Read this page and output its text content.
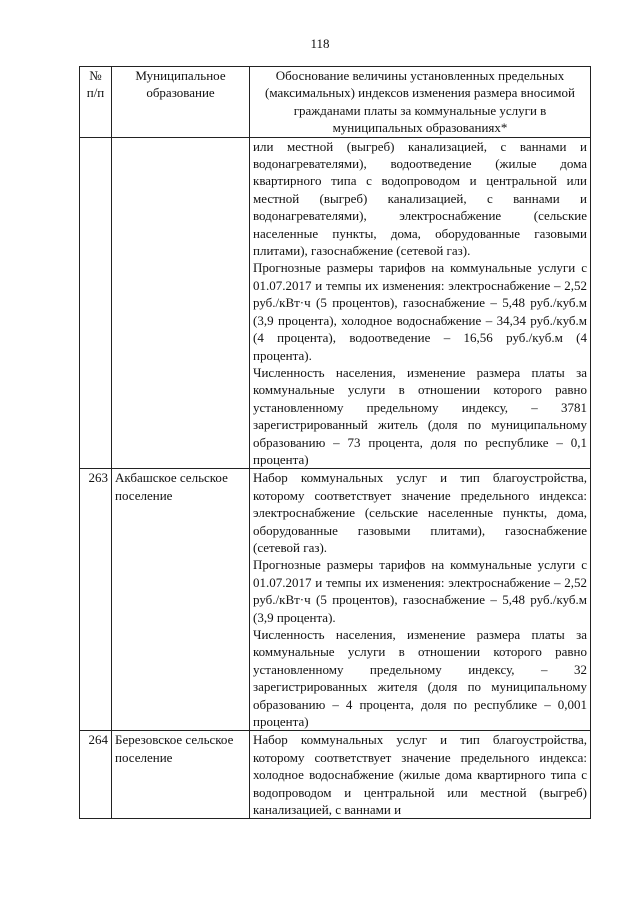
118
№ п/п	Муниципальное образование	Обоснование величины установленных предельных (максимальных) индексов изменения размера вносимой гражданами платы за коммунальные услуги в муниципальных образованиях*

		или местной (выгреб) канализацией, с ваннами и водонагревателями), водоотведение (жилые дома квартирного типа с водопроводом и центральной или местной (выгреб) канализацией, с ваннами и водонагревателями), электроснабжение (сельские населенные пункты, дома, оборудованные газовыми плитами), газоснабжение (сетевой газ).

Прогнозные размеры тарифов на коммунальные услуги с 01.07.2017 и темпы их изменения: электроснабжение – 2,52 руб./кВт·ч (5 процентов), газоснабжение – 5,48 руб./куб.м (3,9 процента), холодное водоснабжение – 34,34 руб./куб.м (4 процента), водоотведение – 16,56 руб./куб.м (4 процента).

Численность населения, изменение размера платы за коммунальные услуги в отношении которого равно установленному предельному индексу, – 3781 зарегистрированный житель (доля по муниципальному образованию – 73 процента, доля по республике – 0,1 процента)

263	Акбашское сельское поселение	Набор коммунальных услуг и тип благоустройства, которому соответствует значение предельного индекса: электроснабжение (сельские населенные пункты, дома, оборудованные газовыми плитами), газоснабжение (сетевой газ).

Прогнозные размеры тарифов на коммунальные услуги с 01.07.2017 и темпы их изменения: электроснабжение – 2,52 руб./кВт·ч (5 процентов), газоснабжение – 5,48 руб./куб.м (3,9 процента).

Численность населения, изменение размера платы за коммунальные услуги в отношении которого равно установленному предельному индексу, – 32 зарегистрированных жителя (доля по муниципальному образованию – 4 процента, доля по республике – 0,001 процента)

264	Березовское сельское поселение	Набор коммунальных услуг и тип благоустройства, которому соответствует значение предельного индекса: холодное водоснабжение (жилые дома квартирного типа с водопроводом и центральной или местной (выгреб) канализацией, с ваннами и
